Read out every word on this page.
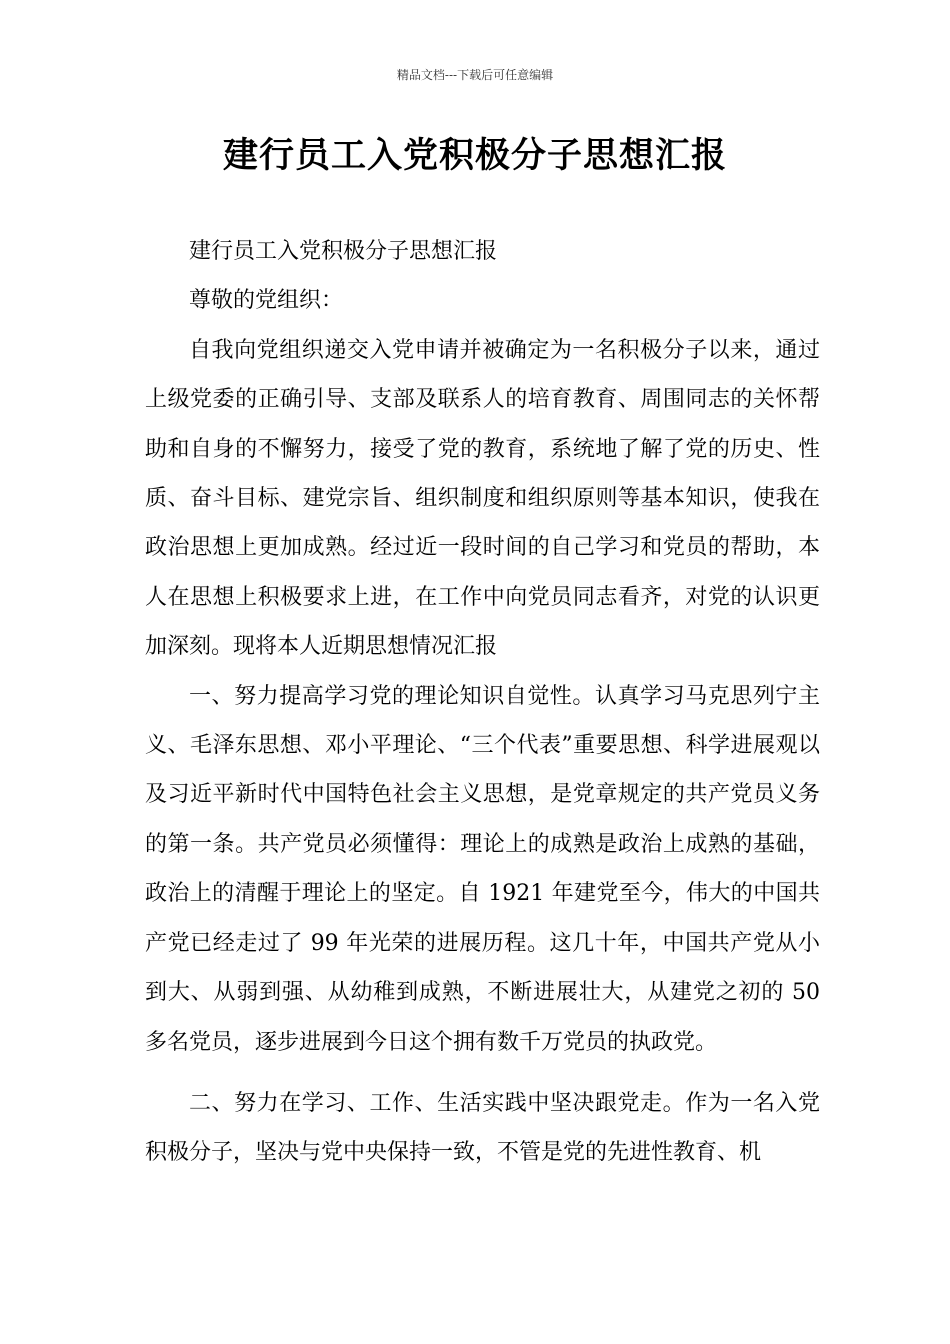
精品文档---下载后可任意编辑
建行员工入党积极分子思想汇报

建行员工入党积极分子思想汇报

尊敬的党组织：

自我向党组织递交入党申请并被确定为一名积极分子以来，通过上级党委的正确引导、支部及联系人的培育教育、周围同志的关怀帮助和自身的不懈努力，接受了党的教育，系统地了解了党的历史、性质、奋斗目标、建党宗旨、组织制度和组织原则等基本知识，使我在政治思想上更加成熟。经过近一段时间的自己学习和党员的帮助，本人在思想上积极要求上进，在工作中向党员同志看齐，对党的认识更加深刻。现将本人近期思想情况汇报

一、努力提高学习党的理论知识自觉性。认真学习马克思列宁主义、毛泽东思想、邓小平理论、“三个代表”重要思想、科学进展观以及习近平新时代中国特色社会主义思想，是党章规定的共产党员义务的第一条。共产党员必须懂得：理论上的成熟是政治上成熟的基础，政治上的清醒于理论上的坚定。自 1921 年建党至今，伟大的中国共产党已经走过了 99 年光荣的进展历程。这几十年，中国共产党从小到大、从弱到强、从幼稚到成熟，不断进展壮大，从建党之初的 50 多名党员，逐步进展到今日这个拥有数千万党员的执政党。

二、努力在学习、工作、生活实践中坚决跟党走。作为一名入党积极分子，坚决与党中央保持一致，不管是党的先进性教育、机
